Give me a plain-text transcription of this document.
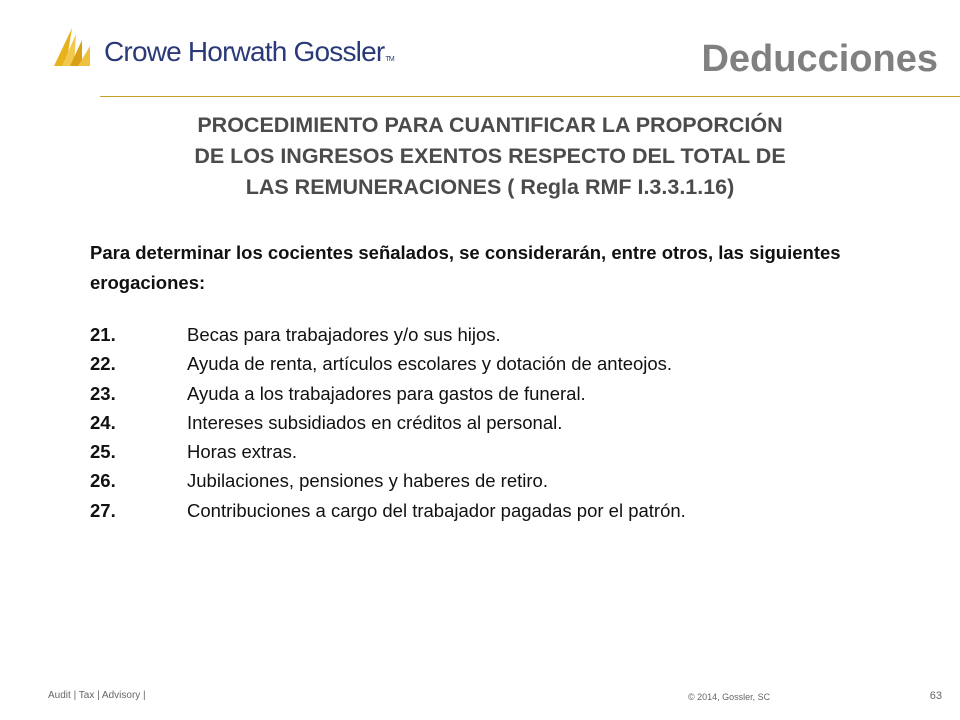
Crowe Horwath GosslerTM	Deducciones
PROCEDIMIENTO PARA CUANTIFICAR LA PROPORCIÓN
DE LOS INGRESOS EXENTOS RESPECTO DEL TOTAL DE
LAS REMUNERACIONES ( Regla RMF I.3.3.1.16)
Para determinar los cocientes señalados, se considerarán, entre otros, las siguientes erogaciones:
21.	Becas para trabajadores y/o sus hijos.
22.	Ayuda de renta, artículos escolares y dotación de anteojos.
23.	Ayuda a los trabajadores para gastos de funeral.
24.	Intereses subsidiados en créditos al personal.
25.	Horas extras.
26.	Jubilaciones, pensiones y haberes de retiro.
27.	Contribuciones a cargo del trabajador pagadas por el patrón.
Audit | Tax | Advisory |	© 2014, Gossler, SC	63
